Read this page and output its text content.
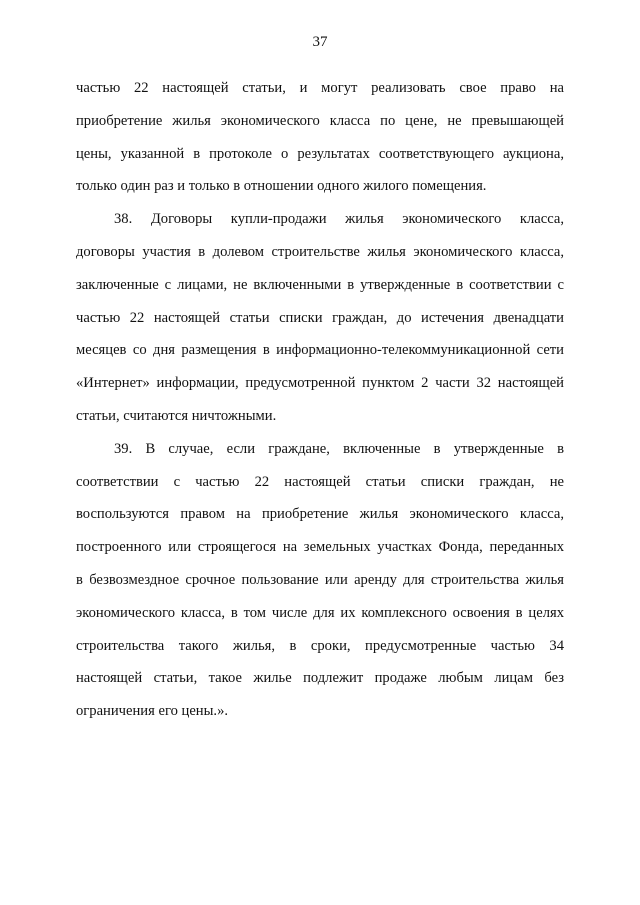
37

частью 22 настоящей статьи, и могут реализовать свое право на
приобретение жилья экономического класса по цене, не превышающей
цены, указанной в протоколе о результатах соответствующего аукциона,
только один раз и только в отношении одного жилого помещения.

38. Договоры купли-продажи жилья экономического класса,
договоры участия в долевом строительстве жилья экономического класса,
заключенные с лицами, не включенными в утвержденные в соответствии с
частью 22 настоящей статьи списки граждан, до истечения двенадцати
месяцев со дня размещения в информационно-телекоммуникационной сети
«Интернет» информации, предусмотренной пунктом 2 части 32 настоящей
статьи, считаются ничтожными.

39. В случае, если граждане, включенные в утвержденные в
соответствии с частью 22 настоящей статьи списки граждан, не
воспользуются правом на приобретение жилья экономического класса,
построенного или строящегося на земельных участках Фонда, переданных
в безвозмездное срочное пользование или аренду для строительства жилья
экономического класса, в том числе для их комплексного освоения в целях
строительства такого жилья, в сроки, предусмотренные частью 34
настоящей статьи, такое жилье подлежит продаже любым лицам без
ограничения его цены.».
